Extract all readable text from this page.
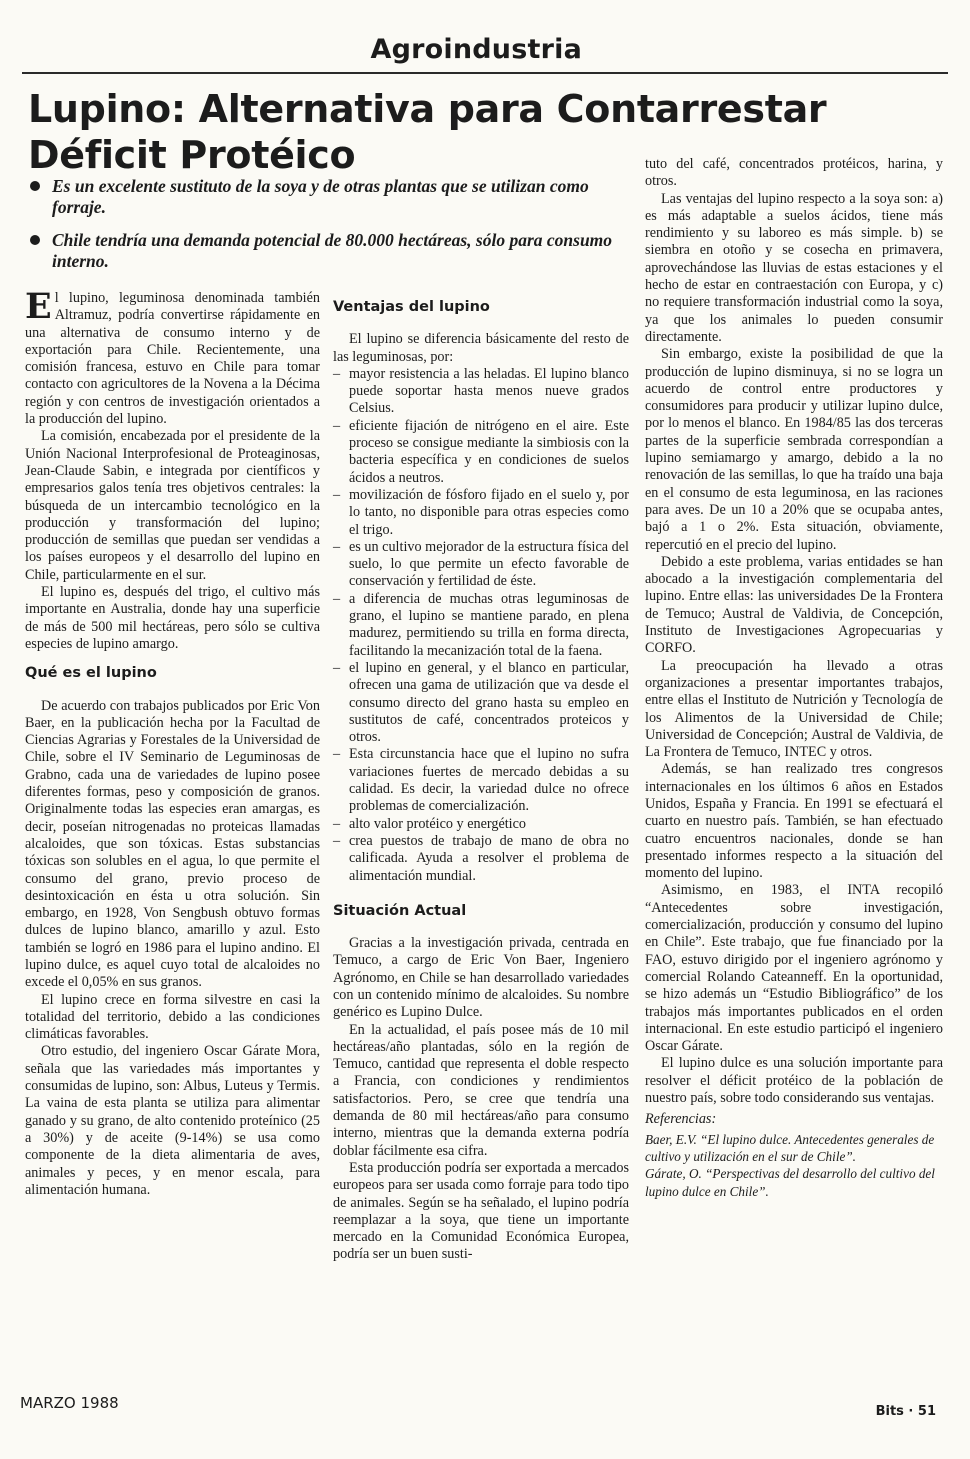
Agroindustria
Lupino: Alternativa para Contarrestar Déficit Protéico
Es un excelente sustituto de la soya y de otras plantas que se utilizan como forraje.
Chile tendría una demanda potencial de 80.000 hectáreas, sólo para consumo interno.

El lupino, leguminosa denominada también Altramuz, podría convertirse rápidamente en una alternativa de consumo interno y de exportación para Chile. Recientemente, una comisión francesa, estuvo en Chile para tomar contacto con agricultores de la Novena a la Décima región y con centros de investigación orientados a la producción del lupino.

La comisión, encabezada por el presidente de la Unión Nacional Interprofesional de Proteaginosas, Jean-Claude Sabin, e integrada por científicos y empresarios galos tenía tres objetivos centrales: la búsqueda de un intercambio tecnológico en la producción y transformación del lupino; producción de semillas que puedan ser vendidas a los países europeos y el desarrollo del lupino en Chile, particularmente en el sur.

El lupino es, después del trigo, el cultivo más importante en Australia, donde hay una superficie de más de 500 mil hectáreas, pero sólo se cultiva especies de lupino amargo.

Qué es el lupino

De acuerdo con trabajos publicados por Eric Von Baer, en la publicación hecha por la Facultad de Ciencias Agrarias y Forestales de la Universidad de Chile, sobre el IV Seminario de Leguminosas de Grabno, cada una de variedades de lupino posee diferentes formas, peso y composición de granos. Originalmente todas las especies eran amargas, es decir, poseían nitrogenadas no proteicas llamadas alcaloides, que son tóxicas. Estas substancias tóxicas son solubles en el agua, lo que permite el consumo del grano, previo proceso de desintoxicación en ésta u otra solución. Sin embargo, en 1928, Von Sengbush obtuvo formas dulces de lupino blanco, amarillo y azul. Esto también se logró en 1986 para el lupino andino. El lupino dulce, es aquel cuyo total de alcaloides no excede el 0,05% en sus granos.

El lupino crece en forma silvestre en casi la totalidad del territorio, debido a las condiciones climáticas favorables.

Otro estudio, del ingeniero Oscar Gárate Mora, señala que las variedades más importantes y consumidas de lupino, son: Albus, Luteus y Termis. La vaina de esta planta se utiliza para alimentar ganado y su grano, de alto contenido proteínico (25 a 30%) y de aceite (9-14%) se usa como componente de la dieta alimentaria de aves, animales y peces, y en menor escala, para alimentación humana.

Ventajas del lupino

El lupino se diferencia básicamente del resto de las leguminosas, por:

– mayor resistencia a las heladas. El lupino blanco puede soportar hasta menos nueve grados Celsius.
– eficiente fijación de nitrógeno en el aire. Este proceso se consigue mediante la simbiosis con la bacteria específica y en condiciones de suelos ácidos a neutros.
– movilización de fósforo fijado en el suelo y, por lo tanto, no disponible para otras especies como el trigo.
– es un cultivo mejorador de la estructura física del suelo, lo que permite un efecto favorable de conservación y fertilidad de éste.
– a diferencia de muchas otras leguminosas de grano, el lupino se mantiene parado, en plena madurez, permitiendo su trilla en forma directa, facilitando la mecanización total de la faena.
– el lupino en general, y el blanco en particular, ofrecen una gama de utilización que va desde el consumo directo del grano hasta su empleo en sustitutos de café, concentrados proteicos y otros.
– Esta circunstancia hace que el lupino no sufra variaciones fuertes de mercado debidas a su calidad. Es decir, la variedad dulce no ofrece problemas de comercialización.
– alto valor protéico y energético
– crea puestos de trabajo de mano de obra no calificada. Ayuda a resolver el problema de alimentación mundial.
Situación Actual

Gracias a la investigación privada, centrada en Temuco, a cargo de Eric Von Baer, Ingeniero Agrónomo, en Chile se han desarrollado variedades con un contenido mínimo de alcaloides. Su nombre genérico es Lupino Dulce.

En la actualidad, el país posee más de 10 mil hectáreas/año plantadas, sólo en la región de Temuco, cantidad que representa el doble respecto a Francia, con condiciones y rendimientos satisfactorios. Pero, se cree que tendría una demanda de 80 mil hectáreas/año para consumo interno, mientras que la demanda externa podría doblar fácilmente esa cifra.

Esta producción podría ser exportada a mercados europeos para ser usada como forraje para todo tipo de animales. Según se ha señalado, el lupino podría reemplazar a la soya, que tiene un importante mercado en la Comunidad Económica Europea, podría ser un buen susti-

tuto del café, concentrados protéicos, harina, y otros.

Las ventajas del lupino respecto a la soya son: a) es más adaptable a suelos ácidos, tiene más rendimiento y su laboreo es más simple. b) se siembra en otoño y se cosecha en primavera, aprovechándose las lluvias de estas estaciones y el hecho de estar en contraestación con Europa, y c) no requiere transformación industrial como la soya, ya que los animales lo pueden consumir directamente.

Sin embargo, existe la posibilidad de que la producción de lupino disminuya, si no se logra un acuerdo de control entre productores y consumidores para producir y utilizar lupino dulce, por lo menos el blanco. En 1984/85 las dos terceras partes de la superficie sembrada correspondían a lupino semiamargo y amargo, debido a la no renovación de las semillas, lo que ha traído una baja en el consumo de esta leguminosa, en las raciones para aves. De un 10 a 20% que se ocupaba antes, bajó a 1 o 2%. Esta situación, obviamente, repercutió en el precio del lupino.

Debido a este problema, varias entidades se han abocado a la investigación complementaria del lupino. Entre ellas: las universidades De la Frontera de Temuco; Austral de Valdivia, de Concepción, Instituto de Investigaciones Agropecuarias y CORFO.

La preocupación ha llevado a otras organizaciones a presentar importantes trabajos, entre ellas el Instituto de Nutrición y Tecnología de los Alimentos de la Universidad de Chile; Universidad de Concepción; Austral de Valdivia, de La Frontera de Temuco, INTEC y otros.

Además, se han realizado tres congresos internacionales en los últimos 6 años en Estados Unidos, España y Francia. En 1991 se efectuará el cuarto en nuestro país. También, se han efectuado cuatro encuentros nacionales, donde se han presentado informes respecto a la situación del momento del lupino.

Asimismo, en 1983, el INTA recopiló “Antecedentes sobre investigación, comercialización, producción y consumo del lupino en Chile”. Este trabajo, que fue financiado por la FAO, estuvo dirigido por el ingeniero agrónomo y comercial Rolando Cateanneff. En la oportunidad, se hizo además un “Estudio Bibliográfico” de los trabajos más importantes publicados en el orden internacional. En este estudio participó el ingeniero Oscar Gárate.

El lupino dulce es una solución importante para resolver el déficit protéico de la población de nuestro país, sobre todo considerando sus ventajas.

Referencias:

Baer, E.V. “El lupino dulce. Antecedentes generales de cultivo y utilización en el sur de Chile”.

Gárate, O. “Perspectivas del desarrollo del cultivo del lupino dulce en Chile”.

MARZO 1988	Bits · 51
